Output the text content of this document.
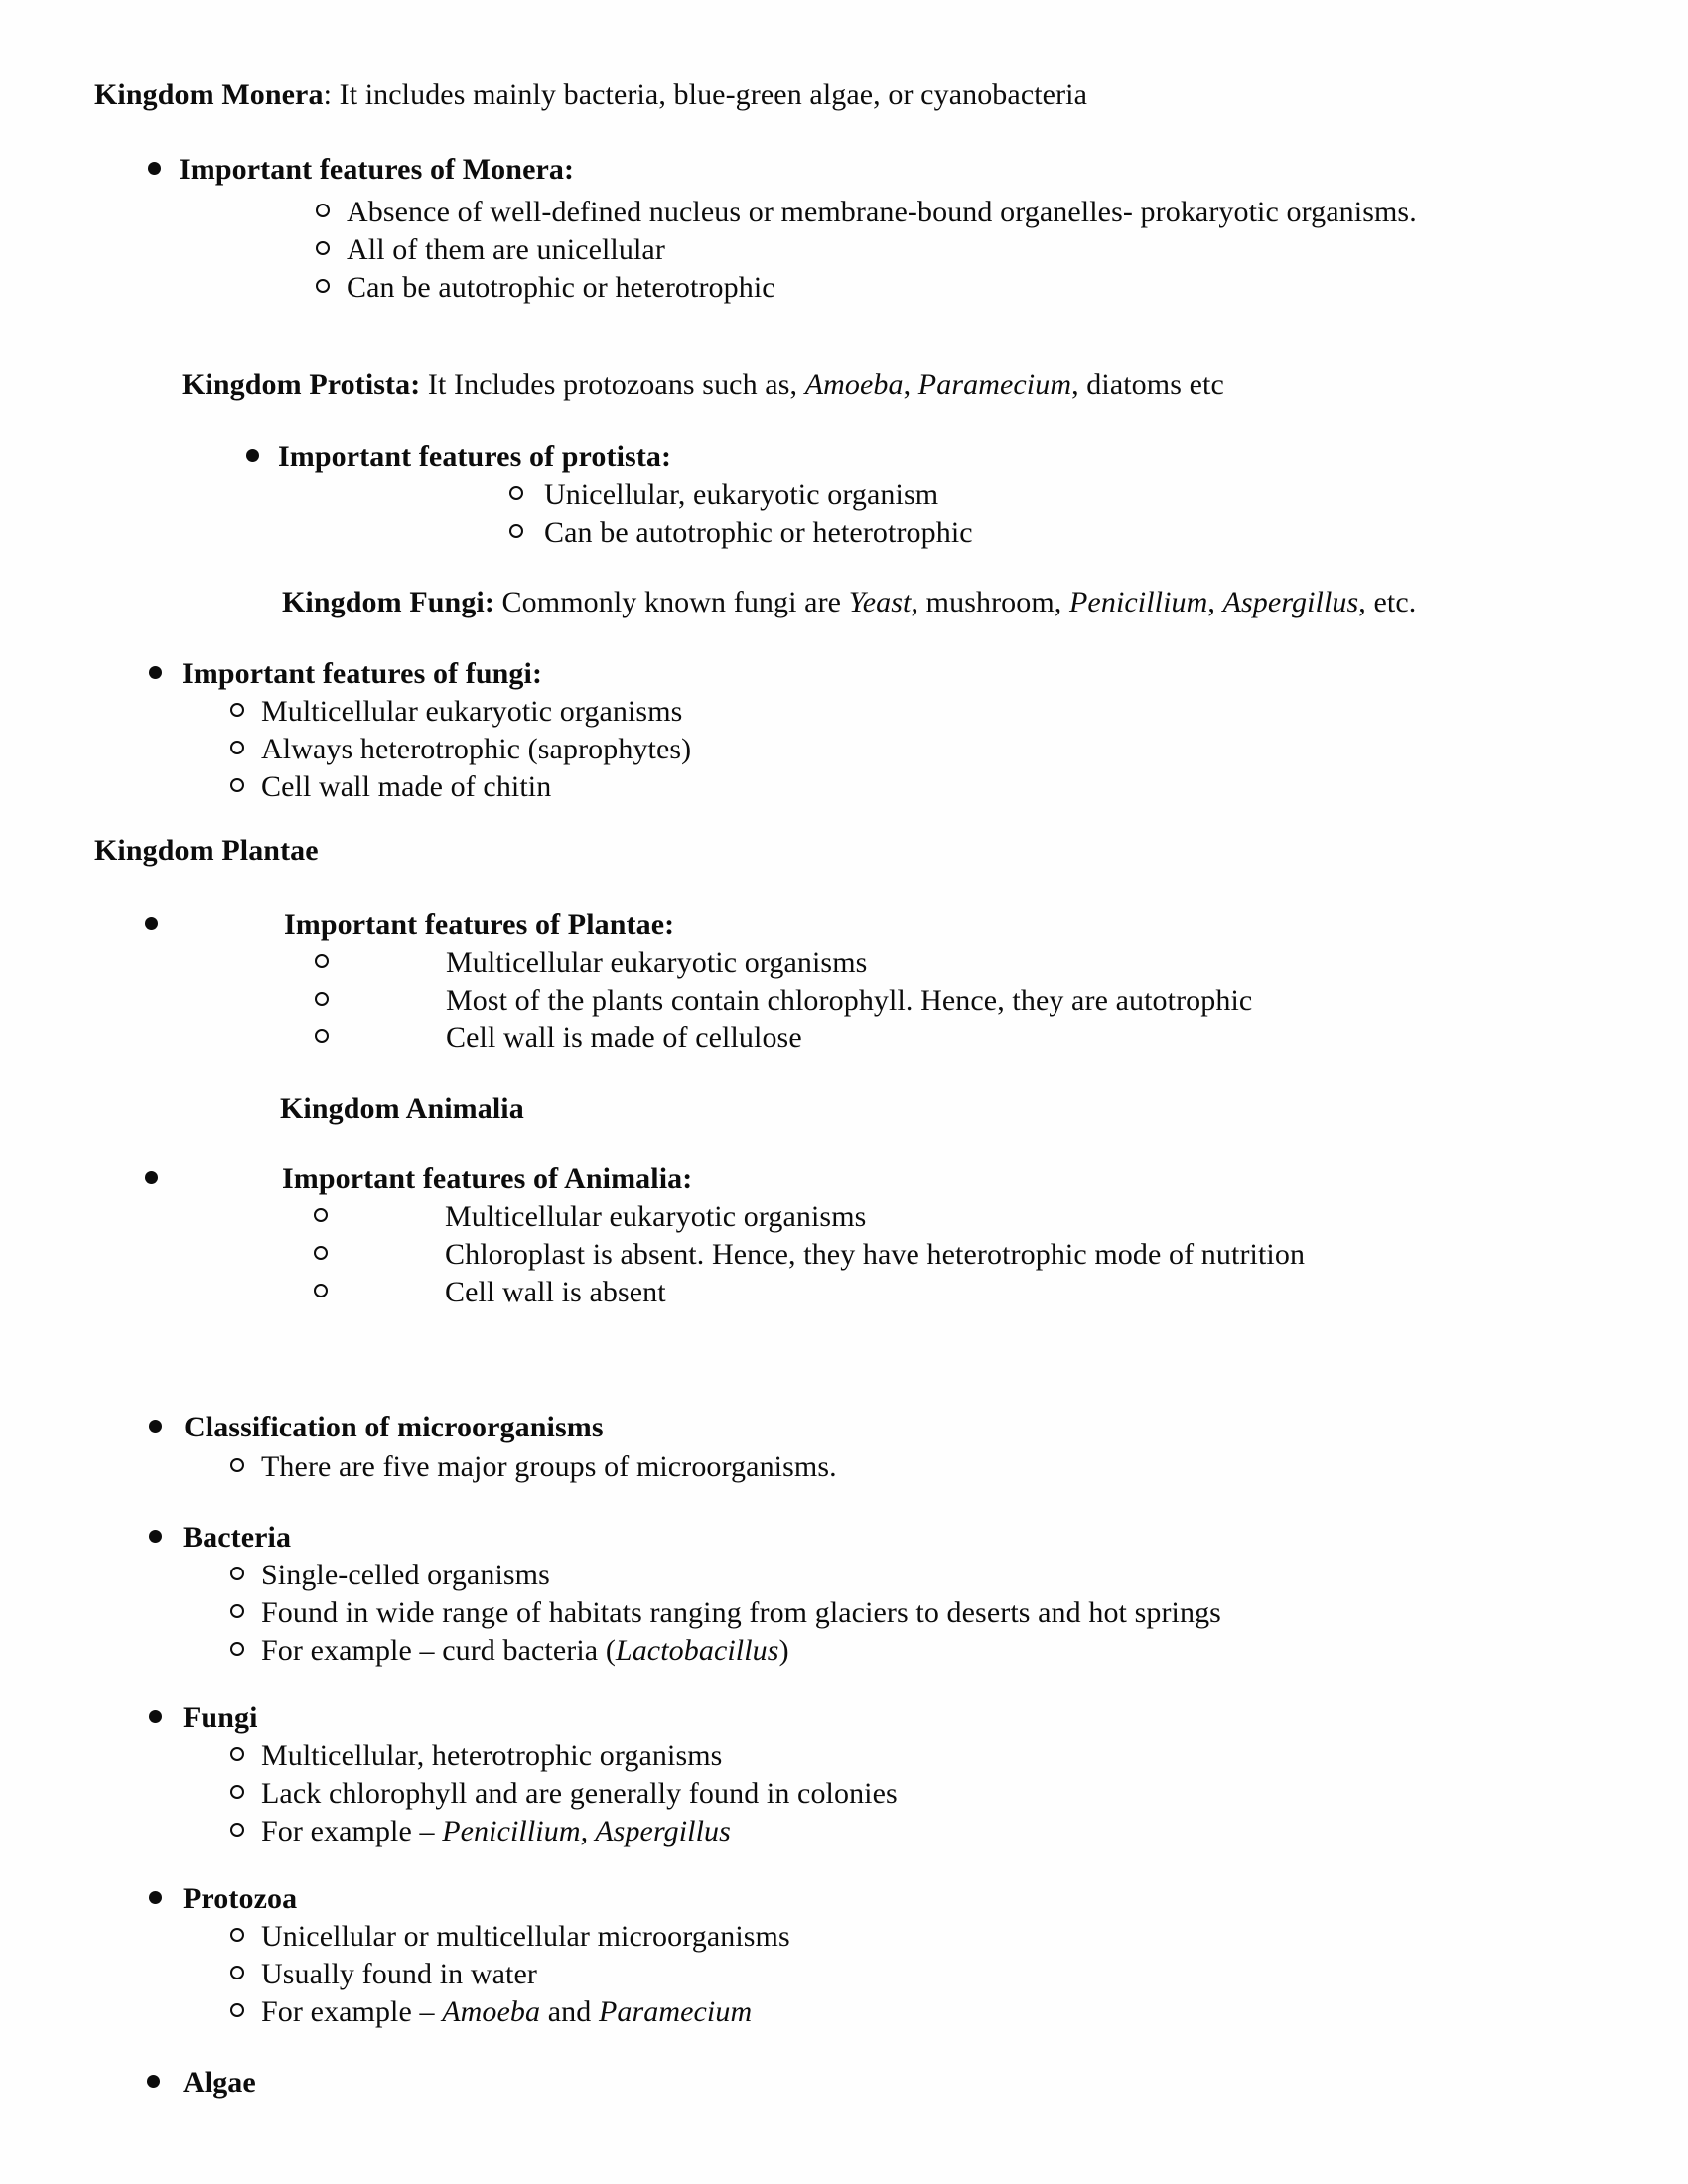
Kingdom Monera: It includes mainly bacteria, blue-green algae, or cyanobacteria
Important features of Monera:
Absence of well-defined nucleus or membrane-bound organelles- prokaryotic organisms.
All of them are unicellular
Can be autotrophic or heterotrophic
Kingdom Protista: It Includes protozoans such as, Amoeba, Paramecium, diatoms etc
Important features of protista:
Unicellular, eukaryotic organism
Can be autotrophic or heterotrophic
Kingdom Fungi: Commonly known fungi are Yeast, mushroom, Penicillium, Aspergillus, etc.
Important features of fungi:
Multicellular eukaryotic organisms
Always heterotrophic (saprophytes)
Cell wall made of chitin
Kingdom Plantae
Important features of Plantae:
Multicellular eukaryotic organisms
Most of the plants contain chlorophyll. Hence, they are autotrophic
Cell wall is made of cellulose
Kingdom Animalia
Important features of Animalia:
Multicellular eukaryotic organisms
Chloroplast is absent. Hence, they have heterotrophic mode of nutrition
Cell wall is absent
Classification of microorganisms
There are five major groups of microorganisms.
Bacteria
Single-celled organisms
Found in wide range of habitats ranging from glaciers to deserts and hot springs
For example – curd bacteria (Lactobacillus)
Fungi
Multicellular, heterotrophic organisms
Lack chlorophyll and are generally found in colonies
For example – Penicillium, Aspergillus
Protozoa
Unicellular or multicellular microorganisms
Usually found in water
For example – Amoeba and Paramecium
Algae
